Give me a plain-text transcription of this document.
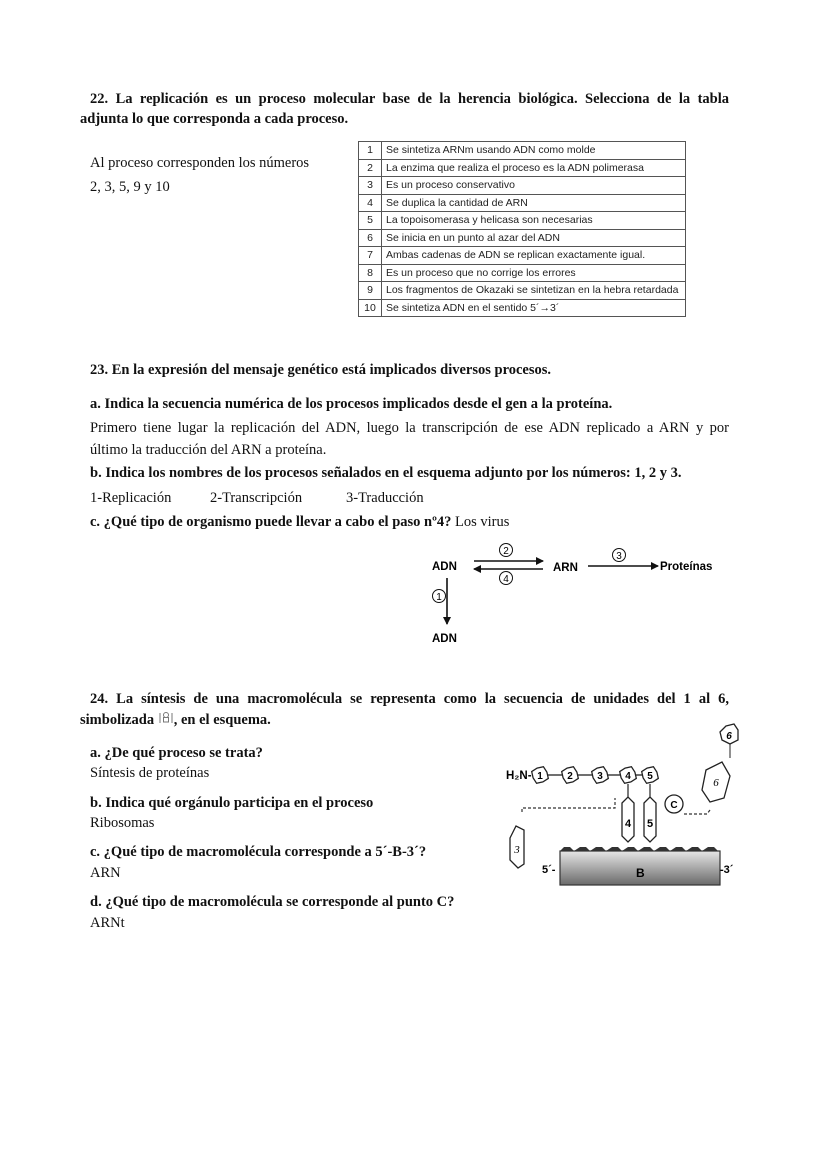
22. La replicación es un proceso molecular base de la herencia biológica. Selecciona de la tabla
adjunta lo que corresponda a cada proceso.
Al proceso corresponden los números
2, 3, 5, 9 y 10
1	Se sintetiza ARNm usando ADN como molde
2	La enzima que realiza el proceso es la ADN polimerasa
3	Es un proceso conservativo
4	Se duplica la cantidad de ARN
5	La topoisomerasa y helicasa son necesarias
6	Se inicia en un punto al azar del ADN
7	Ambas cadenas de ADN se replican exactamente igual.
8	Es un proceso que no corrige los errores
9	Los fragmentos de Okazaki se sintetizan en la hebra retardada
10	Se sintetiza ADN en el sentido 5´→3´
23. En la expresión del mensaje genético está implicados diversos procesos.
a. Indica la secuencia numérica de los procesos implicados desde el gen a la proteína.
Primero tiene lugar la replicación del ADN, luego la transcripción de ese ADN replicado a ARN y por
último la traducción del ARN a proteína.
b. Indica los nombres de los procesos señalados en el esquema adjunto por los números: 1, 2 y 3.
1-Replicación	2-Transcripción	3-Traducción
c. ¿Qué tipo de organismo puede llevar a cabo el paso nº4? Los virus
ADN	ARN	Proteínas
ADN
2
4
3
1
24. La síntesis de una macromolécula se representa como la secuencia de unidades del 1 al 6,
simbolizada , en el esquema.
a. ¿De qué proceso se trata?
Síntesis de proteínas
b. Indica qué orgánulo participa en el proceso
Ribosomas
c. ¿Qué tipo de macromolécula corresponde a 5´-B-3´?
ARN
d. ¿Qué tipo de macromolécula se corresponde al punto C?
ARNt
B
5´-	-3´
H₂N- 1 2 3 4 5
4 5
C
6
6
3
